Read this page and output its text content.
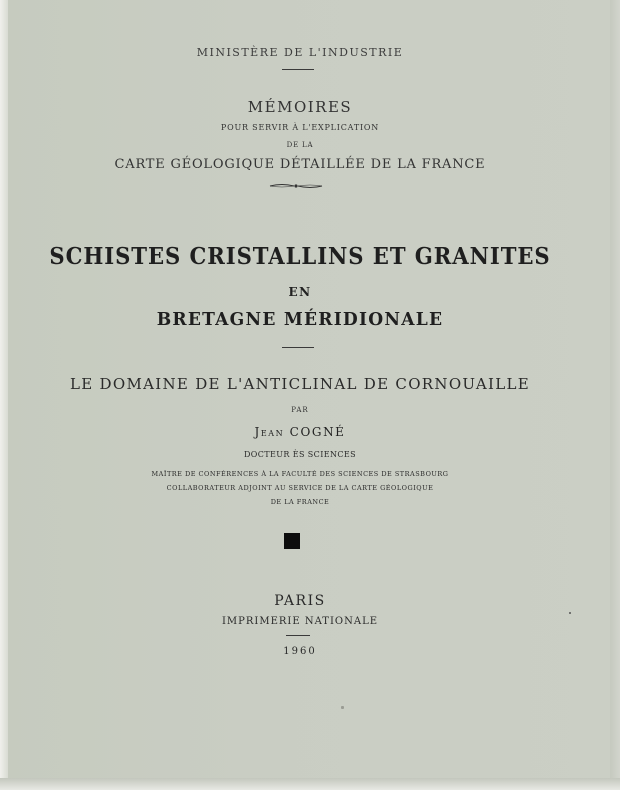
MINISTÈRE DE L'INDUSTRIE
MÉMOIRES
POUR SERVIR À L'EXPLICATION
DE LA
CARTE GÉOLOGIQUE DÉTAILLÉE DE LA FRANCE
SCHISTES CRISTALLINS ET GRANITES
EN
BRETAGNE MÉRIDIONALE
LE DOMAINE DE L'ANTICLINAL DE CORNOUAILLE
PAR
Jean COGNÉ
DOCTEUR ÈS SCIENCES
MAÎTRE DE CONFÉRENCES À LA FACULTÉ DES SCIENCES DE STRASBOURG
COLLABORATEUR ADJOINT AU SERVICE DE LA CARTE GÉOLOGIQUE
DE LA FRANCE
PARIS
IMPRIMERIE NATIONALE
1960
